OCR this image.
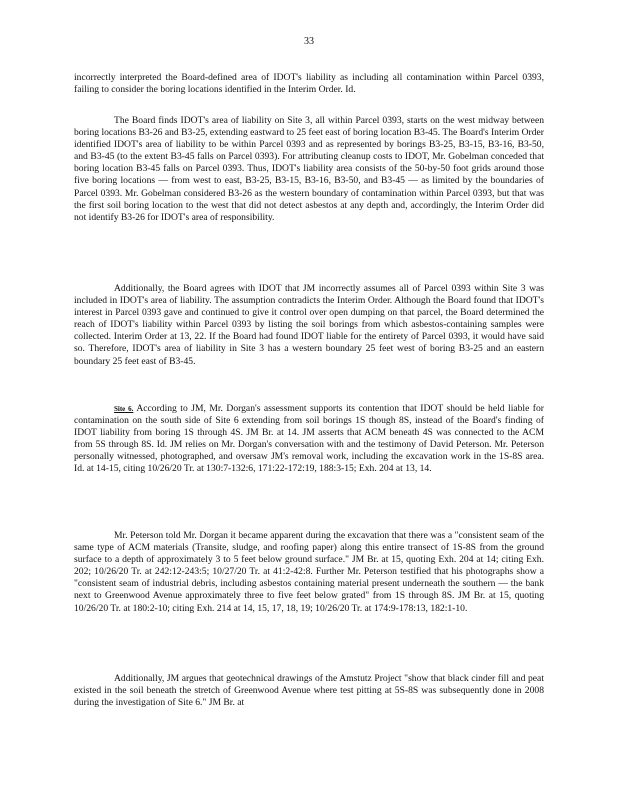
33

incorrectly interpreted the Board-defined area of IDOT's liability as including all contamination within Parcel 0393, failing to consider the boring locations identified in the Interim Order. Id.

The Board finds IDOT's area of liability on Site 3, all within Parcel 0393, starts on the west midway between boring locations B3-26 and B3-25, extending eastward to 25 feet east of boring location B3-45. The Board's Interim Order identified IDOT's area of liability to be within Parcel 0393 and as represented by borings B3-25, B3-15, B3-16, B3-50, and B3-45 (to the extent B3-45 falls on Parcel 0393). For attributing cleanup costs to IDOT, Mr. Gobelman conceded that boring location B3-45 falls on Parcel 0393. Thus, IDOT's liability area consists of the 50-by-50 foot grids around those five boring locations — from west to east, B3-25, B3-15, B3-16, B3-50, and B3-45 — as limited by the boundaries of Parcel 0393. Mr. Gobelman considered B3-26 as the western boundary of contamination within Parcel 0393, but that was the first soil boring location to the west that did not detect asbestos at any depth and, accordingly, the Interim Order did not identify B3-26 for IDOT's area of responsibility.

Additionally, the Board agrees with IDOT that JM incorrectly assumes all of Parcel 0393 within Site 3 was included in IDOT's area of liability. The assumption contradicts the Interim Order. Although the Board found that IDOT's interest in Parcel 0393 gave and continued to give it control over open dumping on that parcel, the Board determined the reach of IDOT's liability within Parcel 0393 by listing the soil borings from which asbestos-containing samples were collected. Interim Order at 13, 22. If the Board had found IDOT liable for the entirety of Parcel 0393, it would have said so. Therefore, IDOT's area of liability in Site 3 has a western boundary 25 feet west of boring B3-25 and an eastern boundary 25 feet east of B3-45.

Site 6. According to JM, Mr. Dorgan's assessment supports its contention that IDOT should be held liable for contamination on the south side of Site 6 extending from soil borings 1S though 8S, instead of the Board's finding of IDOT liability from boring 1S through 4S. JM Br. at 14. JM asserts that ACM beneath 4S was connected to the ACM from 5S through 8S. Id. JM relies on Mr. Dorgan's conversation with and the testimony of David Peterson. Mr. Peterson personally witnessed, photographed, and oversaw JM's removal work, including the excavation work in the 1S-8S area. Id. at 14-15, citing 10/26/20 Tr. at 130:7-132:6, 171:22-172:19, 188:3-15; Exh. 204 at 13, 14.

Mr. Peterson told Mr. Dorgan it became apparent during the excavation that there was a "consistent seam of the same type of ACM materials (Transite, sludge, and roofing paper) along this entire transect of 1S-8S from the ground surface to a depth of approximately 3 to 5 feet below ground surface." JM Br. at 15, quoting Exh. 204 at 14; citing Exh. 202; 10/26/20 Tr. at 242:12-243:5; 10/27/20 Tr. at 41:2-42:8. Further Mr. Peterson testified that his photographs show a "consistent seam of industrial debris, including asbestos containing material present underneath the southern — the bank next to Greenwood Avenue approximately three to five feet below grated" from 1S through 8S. JM Br. at 15, quoting 10/26/20 Tr. at 180:2-10; citing Exh. 214 at 14, 15, 17, 18, 19; 10/26/20 Tr. at 174:9-178:13, 182:1-10.

Additionally, JM argues that geotechnical drawings of the Amstutz Project "show that black cinder fill and peat existed in the soil beneath the stretch of Greenwood Avenue where test pitting at 5S-8S was subsequently done in 2008 during the investigation of Site 6." JM Br. at
